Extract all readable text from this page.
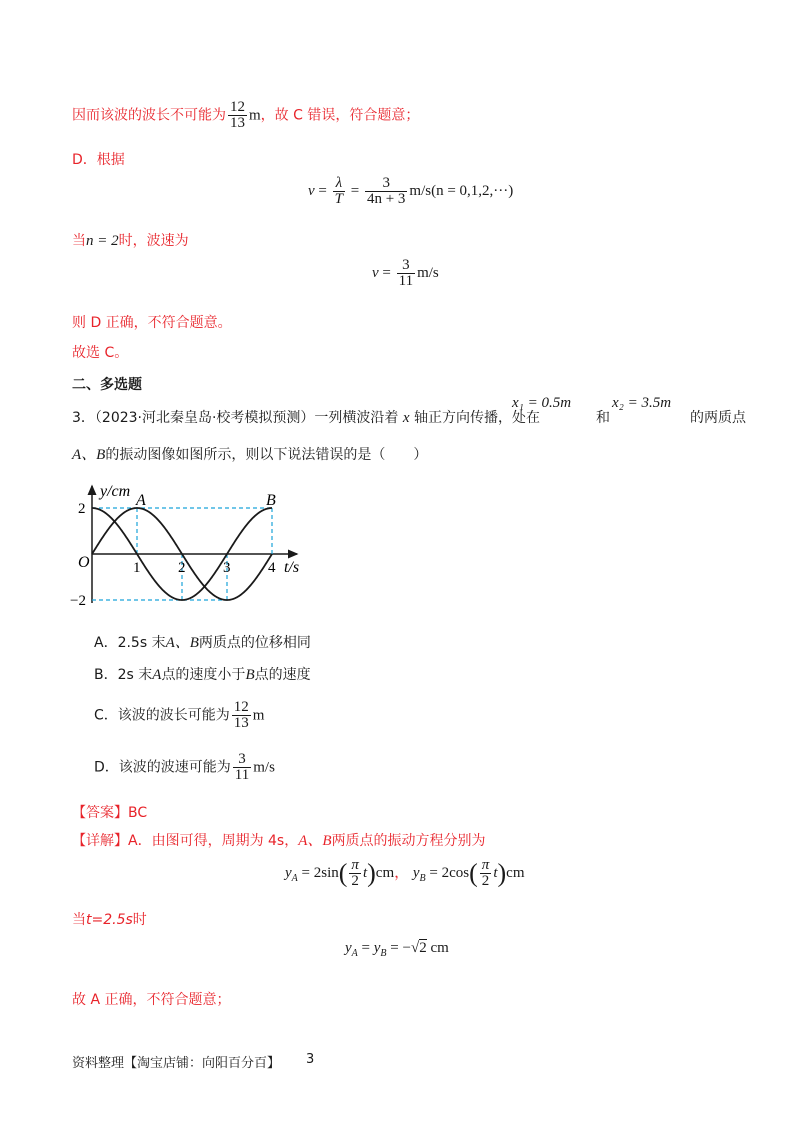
因而该波的波长不可能为 $\frac{12}{13}$ m，故 C 错误，符合题意；
D．根据
$v = \frac{\lambda}{T} = \frac{3}{4n + 3} m/s(n = 0,1,2,\cdot\cdot\cdot)$
当n = 2时，波速为
$v = \frac{3}{11} m/s$
则 D 正确，不符合题意。
故选 C。
二、多选题
3．（2023·河北秦皇岛·校考模拟预测）一列横波沿着 x 轴正方向传播，处在
x₁ = 0.5m
和
x₂ = 3.5m
的两质点
A、B的振动图像如图所示，则以下说法错误的是（　　）
2
−2
1	2	3	4
y/cm
t/s
O
A	B
A．2.5s 末A、B两质点的位移相同
B．2s 末A点的速度小于B点的速度
C．该波的波长可能为 $\frac{12}{13}$ m
D．该波的波速可能为 $\frac{3}{11} m/s$
【答案】BC
【详解】A．由图可得，周期为 4s，A、B两质点的振动方程分别为
$y_A = 2\sin( \frac{\pi}{2} t)cm$， $y_B = 2\cos( \frac{\pi}{2} t)cm$
当t=2.5s时
$y_A = y_B = -√2$ cm
故 A 正确，不符合题意；
资料整理【淘宝店铺：向阳百分百】 3
